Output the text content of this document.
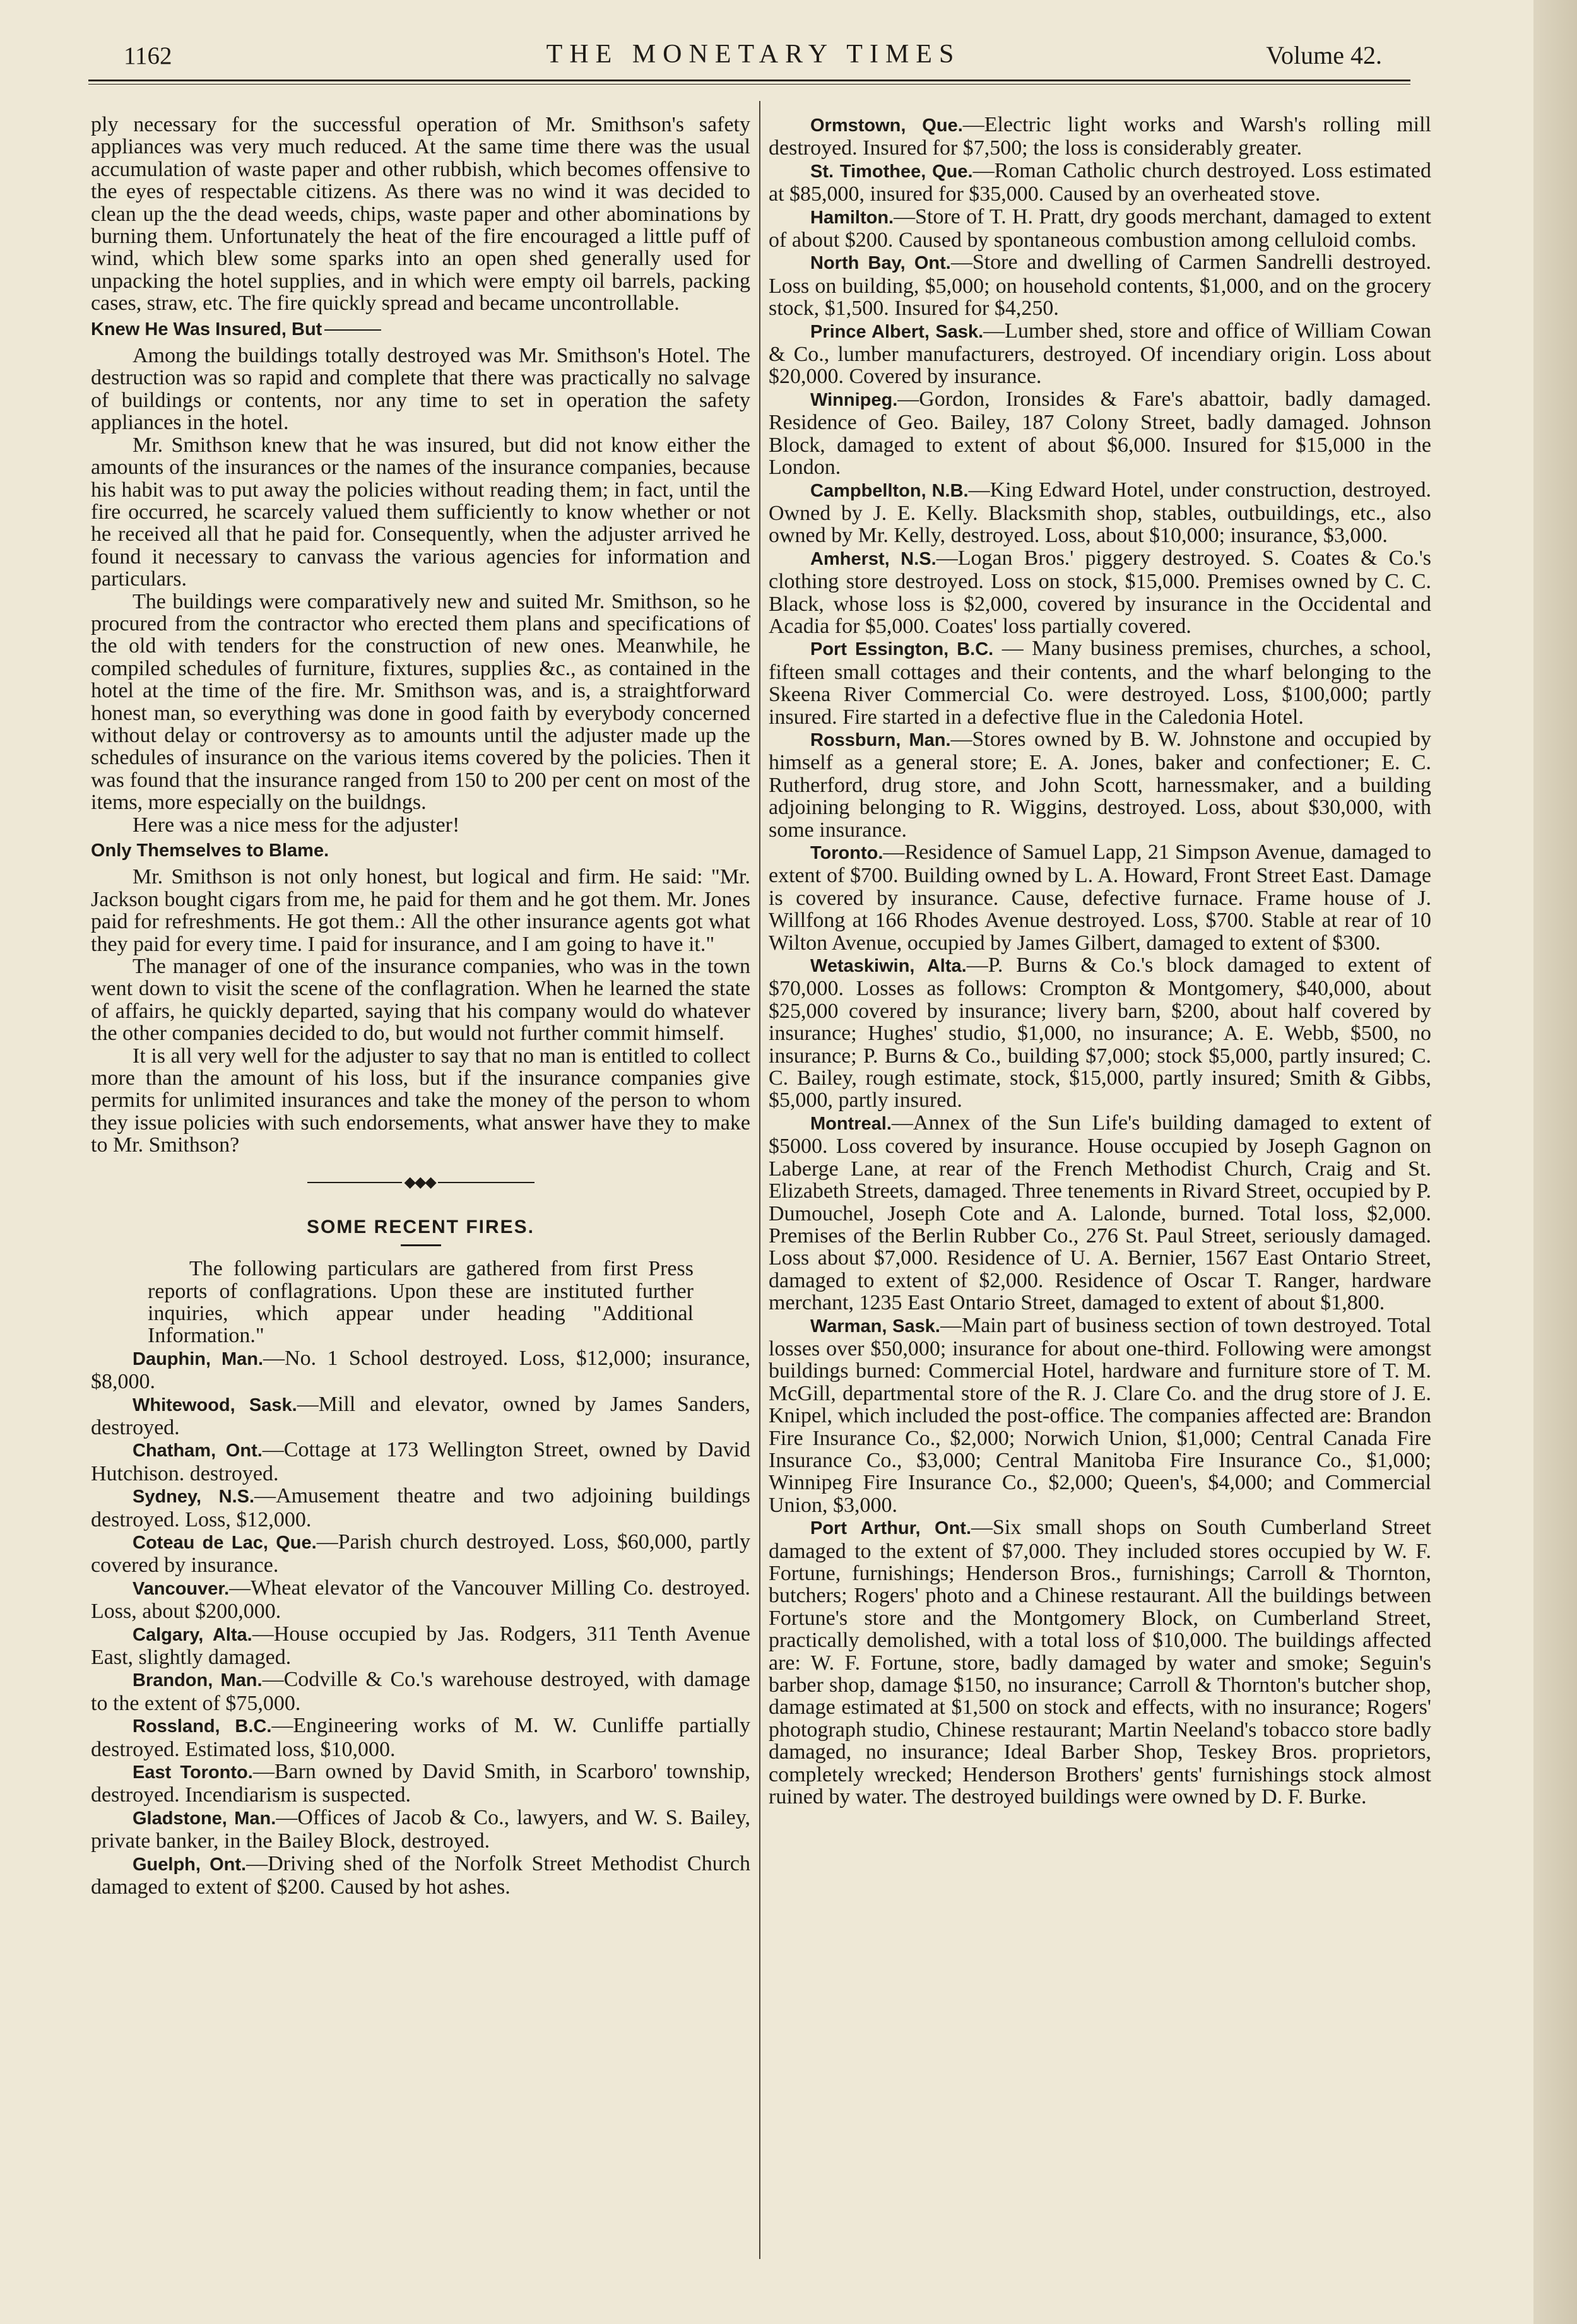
1162	THE MONETARY TIMES	Volume 42.

ply necessary for the successful operation of Mr. Smithson's safety appliances was very much reduced. At the same time there was the usual accumulation of waste paper and other rubbish, which becomes offensive to the eyes of respectable citizens. As there was no wind it was decided to clean up the the dead weeds, chips, waste paper and other abominations by burning them. Unfortunately the heat of the fire encouraged a little puff of wind, which blew some sparks into an open shed generally used for unpacking the hotel supplies, and in which were empty oil barrels, packing cases, straw, etc. The fire quickly spread and became uncontrollable.

Knew He Was Insured, But

Among the buildings totally destroyed was Mr. Smithson's Hotel. The destruction was so rapid and complete that there was practically no salvage of buildings or contents, nor any time to set in operation the safety appliances in the hotel.

Mr. Smithson knew that he was insured, but did not know either the amounts of the insurances or the names of the insurance companies, because his habit was to put away the policies without reading them; in fact, until the fire occurred, he scarcely valued them sufficiently to know whether or not he received all that he paid for. Consequently, when the adjuster arrived he found it necessary to canvass the various agencies for information and particulars.

The buildings were comparatively new and suited Mr. Smithson, so he procured from the contractor who erected them plans and specifications of the old with tenders for the construction of new ones. Meanwhile, he compiled schedules of furniture, fixtures, supplies &c., as contained in the hotel at the time of the fire. Mr. Smithson was, and is, a straightforward honest man, so everything was done in good faith by everybody concerned without delay or controversy as to amounts until the adjuster made up the schedules of insurance on the various items covered by the policies. Then it was found that the insurance ranged from 150 to 200 per cent on most of the items, more especially on the buildngs.

Here was a nice mess for the adjuster!

Only Themselves to Blame.

Mr. Smithson is not only honest, but logical and firm. He said: "Mr. Jackson bought cigars from me, he paid for them and he got them. Mr. Jones paid for refreshments. He got them.: All the other insurance agents got what they paid for every time. I paid for insurance, and I am going to have it."

The manager of one of the insurance companies, who was in the town went down to visit the scene of the conflagration. When he learned the state of affairs, he quickly departed, saying that his company would do whatever the other companies decided to do, but would not further commit himself.

It is all very well for the adjuster to say that no man is entitled to collect more than the amount of his loss, but if the insurance companies give permits for unlimited insurances and take the money of the person to whom they issue policies with such endorsements, what answer have they to make to Mr. Smithson?

◆◆◆
SOME RECENT FIRES.

The following particulars are gathered from first Press reports of conflagrations. Upon these are instituted further inquiries, which appear under heading "Additional Information."

Dauphin, Man.—No. 1 School destroyed. Loss, $12,000; insurance, $8,000.

Whitewood, Sask.—Mill and elevator, owned by James Sanders, destroyed.

Chatham, Ont.—Cottage at 173 Wellington Street, owned by David Hutchison. destroyed.

Sydney, N.S.—Amusement theatre and two adjoining buildings destroyed. Loss, $12,000.

Coteau de Lac, Que.—Parish church destroyed. Loss, $60,000, partly covered by insurance.

Vancouver.—Wheat elevator of the Vancouver Milling Co. destroyed. Loss, about $200,000.

Calgary, Alta.—House occupied by Jas. Rodgers, 311 Tenth Avenue East, slightly damaged.

Brandon, Man.—Codville & Co.'s warehouse destroyed, with damage to the extent of $75,000.

Rossland, B.C.—Engineering works of M. W. Cunliffe partially destroyed. Estimated loss, $10,000.

East Toronto.—Barn owned by David Smith, in Scarboro' township, destroyed. Incendiarism is suspected.

Gladstone, Man.—Offices of Jacob & Co., lawyers, and W. S. Bailey, private banker, in the Bailey Block, destroyed.

Guelph, Ont.—Driving shed of the Norfolk Street Methodist Church damaged to extent of $200. Caused by hot ashes.

Ormstown, Que.—Electric light works and Warsh's rolling mill destroyed. Insured for $7,500; the loss is considerably greater.

St. Timothee, Que.—Roman Catholic church destroyed. Loss estimated at $85,000, insured for $35,000. Caused by an overheated stove.

Hamilton.—Store of T. H. Pratt, dry goods merchant, damaged to extent of about $200. Caused by spontaneous combustion among celluloid combs.

North Bay, Ont.—Store and dwelling of Carmen Sandrelli destroyed. Loss on building, $5,000; on household contents, $1,000, and on the grocery stock, $1,500. Insured for $4,250.

Prince Albert, Sask.—Lumber shed, store and office of William Cowan & Co., lumber manufacturers, destroyed. Of incendiary origin. Loss about $20,000. Covered by insurance.

Winnipeg.—Gordon, Ironsides & Fare's abattoir, badly damaged. Residence of Geo. Bailey, 187 Colony Street, badly damaged. Johnson Block, damaged to extent of about $6,000. Insured for $15,000 in the London.

Campbellton, N.B.—King Edward Hotel, under construction, destroyed. Owned by J. E. Kelly. Blacksmith shop, stables, outbuildings, etc., also owned by Mr. Kelly, destroyed. Loss, about $10,000; insurance, $3,000.

Amherst, N.S.—Logan Bros.' piggery destroyed. S. Coates & Co.'s clothing store destroyed. Loss on stock, $15,000. Premises owned by C. C. Black, whose loss is $2,000, covered by insurance in the Occidental and Acadia for $5,000. Coates' loss partially covered.

Port Essington, B.C. — Many business premises, churches, a school, fifteen small cottages and their contents, and the wharf belonging to the Skeena River Commercial Co. were destroyed. Loss, $100,000; partly insured. Fire started in a defective flue in the Caledonia Hotel.

Rossburn, Man.—Stores owned by B. W. Johnstone and occupied by himself as a general store; E. A. Jones, baker and confectioner; E. C. Rutherford, drug store, and John Scott, harnessmaker, and a building adjoining belonging to R. Wiggins, destroyed. Loss, about $30,000, with some insurance.

Toronto.—Residence of Samuel Lapp, 21 Simpson Avenue, damaged to extent of $700. Building owned by L. A. Howard, Front Street East. Damage is covered by insurance. Cause, defective furnace. Frame house of J. Willfong at 166 Rhodes Avenue destroyed. Loss, $700. Stable at rear of 10 Wilton Avenue, occupied by James Gilbert, damaged to extent of $300.

Wetaskiwin, Alta.—P. Burns & Co.'s block damaged to extent of $70,000. Losses as follows: Crompton & Montgomery, $40,000, about $25,000 covered by insurance; livery barn, $200, about half covered by insurance; Hughes' studio, $1,000, no insurance; A. E. Webb, $500, no insurance; P. Burns & Co., building $7,000; stock $5,000, partly insured; C. C. Bailey, rough estimate, stock, $15,000, partly insured; Smith & Gibbs, $5,000, partly insured.

Montreal.—Annex of the Sun Life's building damaged to extent of $5000. Loss covered by insurance. House occupied by Joseph Gagnon on Laberge Lane, at rear of the French Methodist Church, Craig and St. Elizabeth Streets, damaged. Three tenements in Rivard Street, occupied by P. Dumouchel, Joseph Cote and A. Lalonde, burned. Total loss, $2,000. Premises of the Berlin Rubber Co., 276 St. Paul Street, seriously damaged. Loss about $7,000. Residence of U. A. Bernier, 1567 East Ontario Street, damaged to extent of $2,000. Residence of Oscar T. Ranger, hardware merchant, 1235 East Ontario Street, damaged to extent of about $1,800.

Warman, Sask.—Main part of business section of town destroyed. Total losses over $50,000; insurance for about one-third. Following were amongst buildings burned: Commercial Hotel, hardware and furniture store of T. M. McGill, departmental store of the R. J. Clare Co. and the drug store of J. E. Knipel, which included the post-office. The companies affected are: Brandon Fire Insurance Co., $2,000; Norwich Union, $1,000; Central Canada Fire Insurance Co., $3,000; Central Manitoba Fire Insurance Co., $1,000; Winnipeg Fire Insurance Co., $2,000; Queen's, $4,000; and Commercial Union, $3,000.

Port Arthur, Ont.—Six small shops on South Cumberland Street damaged to the extent of $7,000. They included stores occupied by W. F. Fortune, furnishings; Henderson Bros., furnishings; Carroll & Thornton, butchers; Rogers' photo and a Chinese restaurant. All the buildings between Fortune's store and the Montgomery Block, on Cumberland Street, practically demolished, with a total loss of $10,000. The buildings affected are: W. F. Fortune, store, badly damaged by water and smoke; Seguin's barber shop, damage $150, no insurance; Carroll & Thornton's butcher shop, damage estimated at $1,500 on stock and effects, with no insurance; Rogers' photograph studio, Chinese restaurant; Martin Neeland's tobacco store badly damaged, no insurance; Ideal Barber Shop, Teskey Bros. proprietors, completely wrecked; Henderson Brothers' gents' furnishings stock almost ruined by water. The destroyed buildings were owned by D. F. Burke.
